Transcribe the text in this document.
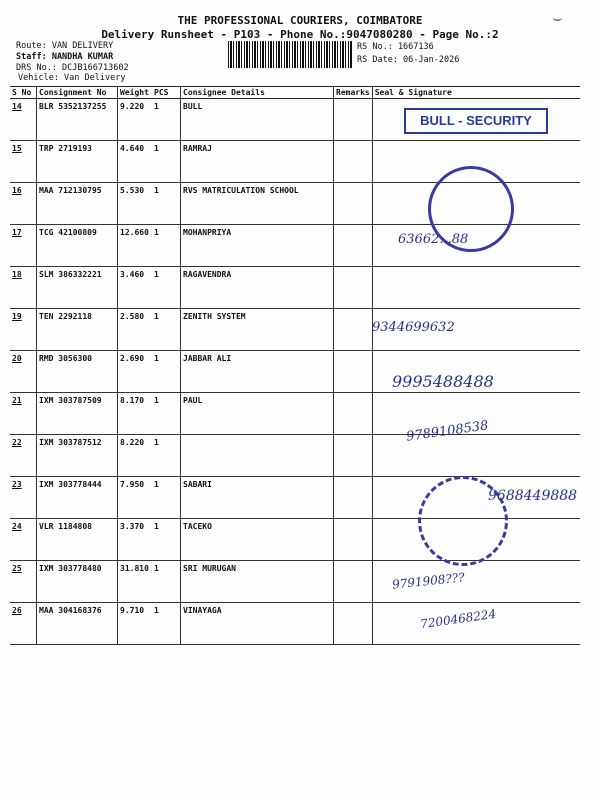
THE PROFESSIONAL COURIERS, COIMBATORE
Delivery Runsheet - P103 - Phone No.:9047080280 - Page No.:2
Route: VAN DELIVERY
Staff: NANDHA KUMAR
DRS No.: DCJB166713602
Vehicle: Van Delivery
RS No.: 1667136
RS Date: 06-Jan-2026
S No	Consignment No	Weight	PCS	Consignee Details	Remarks	Seal & Signature
14	BLR 5352137255	9.220	1	BULL		
15	TRP 2719193	4.640	1	RAMRAJ		
16	MAA 712130795	5.530	1	RVS MATRICULATION SCHOOL		
17	TCG 42100809	12.660	1	MOHANPRIYA		
18	SLM 386332221	3.460	1	RAGAVENDRA		
19	TEN 2292118	2.580	1	ZENITH SYSTEM		
20	RMD 3056300	2.690	1	JABBAR ALI		
21	IXM 303787509	8.170	1	PAUL		
22	IXM 303787512	8.220	1			
23	IXM 303778444	7.950	1	SABARI		
24	VLR 1184808	3.370	1	TACEKO		
25	IXM 303778480	31.810	1	SRI MURUGAN		
26	MAA 304168376	9.710	1	VINAYAGA		
BULL - SECURITY
63662...88
9344699632
9995488488
9789108538
9688449888
9791908???
7200468224
⌣
